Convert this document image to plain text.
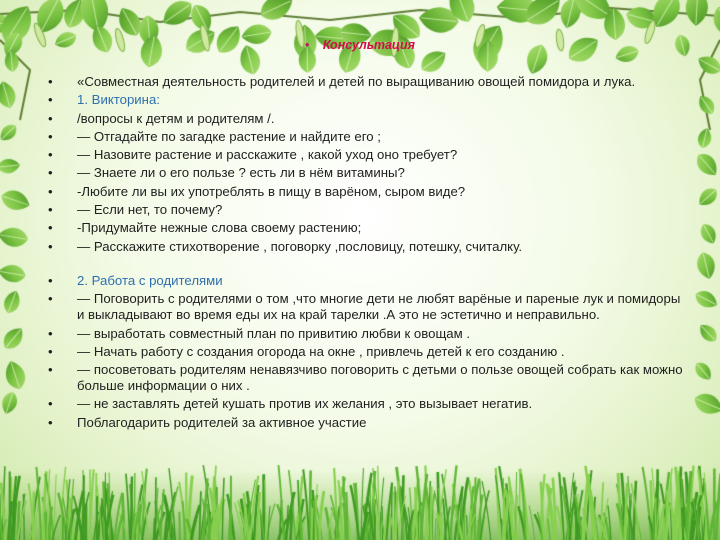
• Консультация
• «Совместная деятельность родителей и детей по выращиванию овощей помидора и лука.
• 1. Викторина:
• /вопросы к детям и родителям /.
• — Отгадайте по загадке растение и найдите его ;
• — Назовите растение и расскажите , какой уход оно требует?
• — Знаете ли о его пользе ? есть ли в нём витамины?
• -Любите ли вы их употреблять в пищу в варёном, сыром виде?
• — Если нет, то почему?
• -Придумайте нежные слова своему растению;
• — Расскажите стихотворение , поговорку ,пословицу, потешку, считалку.
• 2. Работа с родителями
• — Поговорить с родителями о том ,что многие дети не любят варёные и пареные лук и помидоры и выкладывают во время еды их на край тарелки .А это не эстетично и неправильно.
• — выработать совместный план по привитию любви к овощам .
• — Начать работу с создания огорода на окне , привлечь детей к его созданию .
• — посоветовать родителям ненавязчиво поговорить с детьми о пользе овощей собрать как можно больше информации о них .
• — не заставлять детей кушать против их желания , это вызывает негатив.
• Поблагодарить родителей за активное участие
